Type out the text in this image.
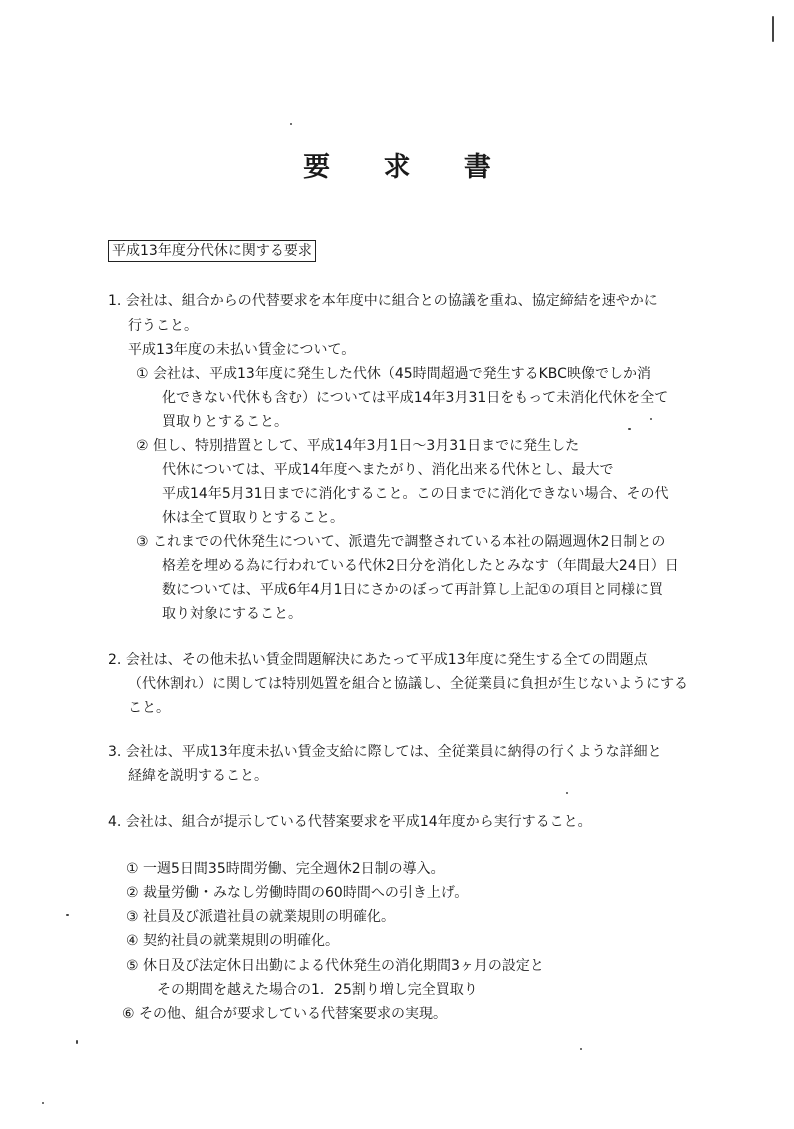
要 求 書
平成13年度分代休に関する要求
1. 会社は、組合からの代替要求を本年度中に組合との協議を重ね、協定締結を速やかに
行うこと。
平成13年度の未払い賃金について。
① 会社は、平成13年度に発生した代休（45時間超過で発生するKBC映像でしか消
化できない代休も含む）については平成14年3月31日をもって未消化代休を全て
買取りとすること。
② 但し、特別措置として、平成14年3月1日～3月31日までに発生した
代休については、平成14年度へまたがり、消化出来る代休とし、最大で
平成14年5月31日までに消化すること。この日までに消化できない場合、その代
休は全て買取りとすること。
③ これまでの代休発生について、派遣先で調整されている本社の隔週週休2日制との
格差を埋める為に行われている代休2日分を消化したとみなす（年間最大24日）日
数については、平成6年4月1日にさかのぼって再計算し上記①の項目と同様に買
取り対象にすること。
2. 会社は、その他未払い賃金問題解決にあたって平成13年度に発生する全ての問題点
（代休割れ）に関しては特別処置を組合と協議し、全従業員に負担が生じないようにする
こと。
3. 会社は、平成13年度未払い賃金支給に際しては、全従業員に納得の行くような詳細と
経緯を説明すること。
4. 会社は、組合が提示している代替案要求を平成14年度から実行すること。
① 一週5日間35時間労働、完全週休2日制の導入。
② 裁量労働・みなし労働時間の60時間への引き上げ。
③ 社員及び派遣社員の就業規則の明確化。
④ 契約社員の就業規則の明確化。
⑤ 休日及び法定休日出勤による代休発生の消化期間3ヶ月の設定と
その期間を越えた場合の1．25割り増し完全買取り
⑥ その他、組合が要求している代替案要求の実現。
